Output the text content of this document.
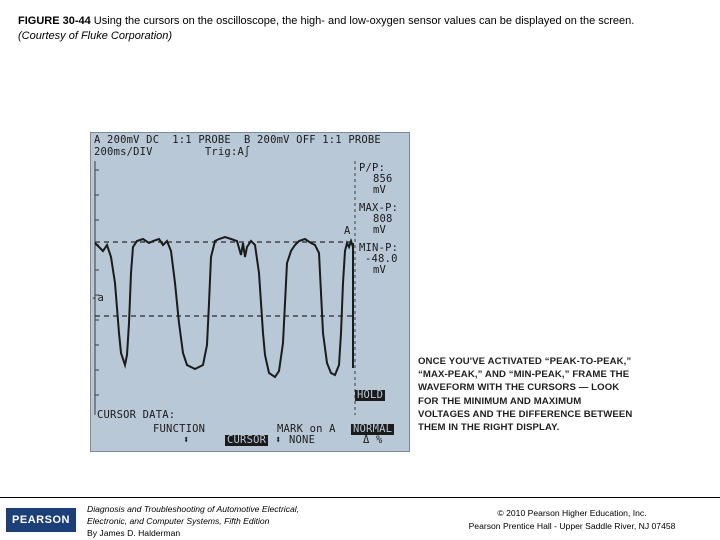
FIGURE 30-44 Using the cursors on the oscilloscope, the high- and low-oxygen sensor values can be displayed on the screen.
(Courtesy of Fluke Corporation)
A 200mV DC  1:1 PROBE  B 200mV OFF 1:1 PROBE
200ms/DIV        Trig:A∫
A
-a
P/P:
856
mV
MAX-P:
808
mV
MIN-P:
-48.0
mV
HOLD
CURSOR DATA:
FUNCTION	MARK on A NORMAL
⬍	CURSOR ⬍ NONE	Δ %
ONCE YOU'VE ACTIVATED “PEAK-TO-PEAK,” “MAX-PEAK,” AND “MIN-PEAK,” FRAME THE WAVEFORM WITH THE CURSORS — LOOK FOR THE MINIMUM AND MAXIMUM VOLTAGES AND THE DIFFERENCE BETWEEN THEM IN THE RIGHT DISPLAY.
PEARSON
Diagnosis and Troubleshooting of Automotive Electrical,
Electronic, and Computer Systems, Fifth Edition
By James D. Halderman
© 2010 Pearson Higher Education, Inc.
Pearson Prentice Hall - Upper Saddle River, NJ 07458
